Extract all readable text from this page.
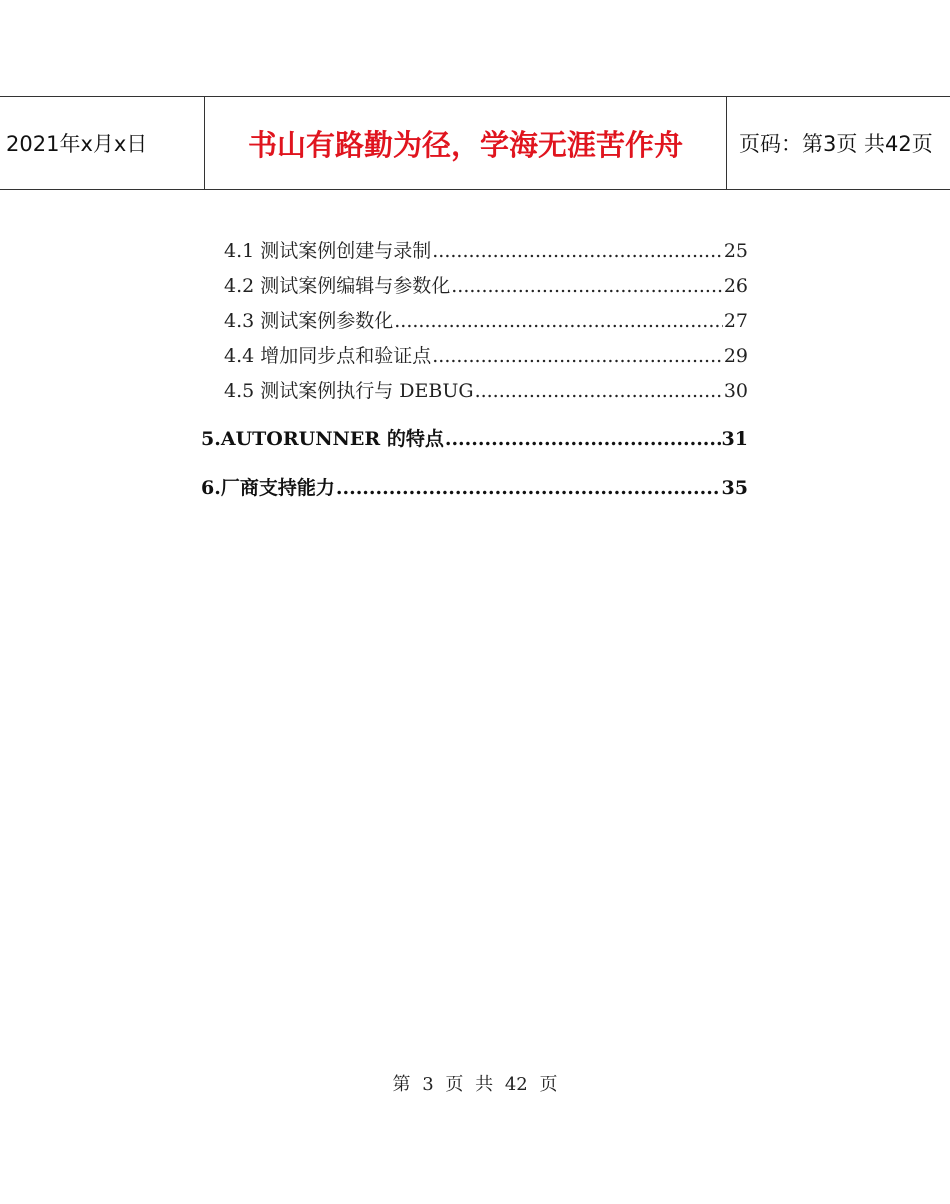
2021年x月x日	书山有路勤为径，学海无涯苦作舟	页码：第3页 共42页
4.1 测试案例创建与录制 .....	25
4.2 测试案例编辑与参数化 .....	26
4.3 测试案例参数化 .....	27
4.4 增加同步点和验证点 .....	29
4.5 测试案例执行与 DEBUG .....	30
5.AUTORUNNER 的特点 .....	31
6.厂商支持能力 .....	35
第 3 页 共 42 页
